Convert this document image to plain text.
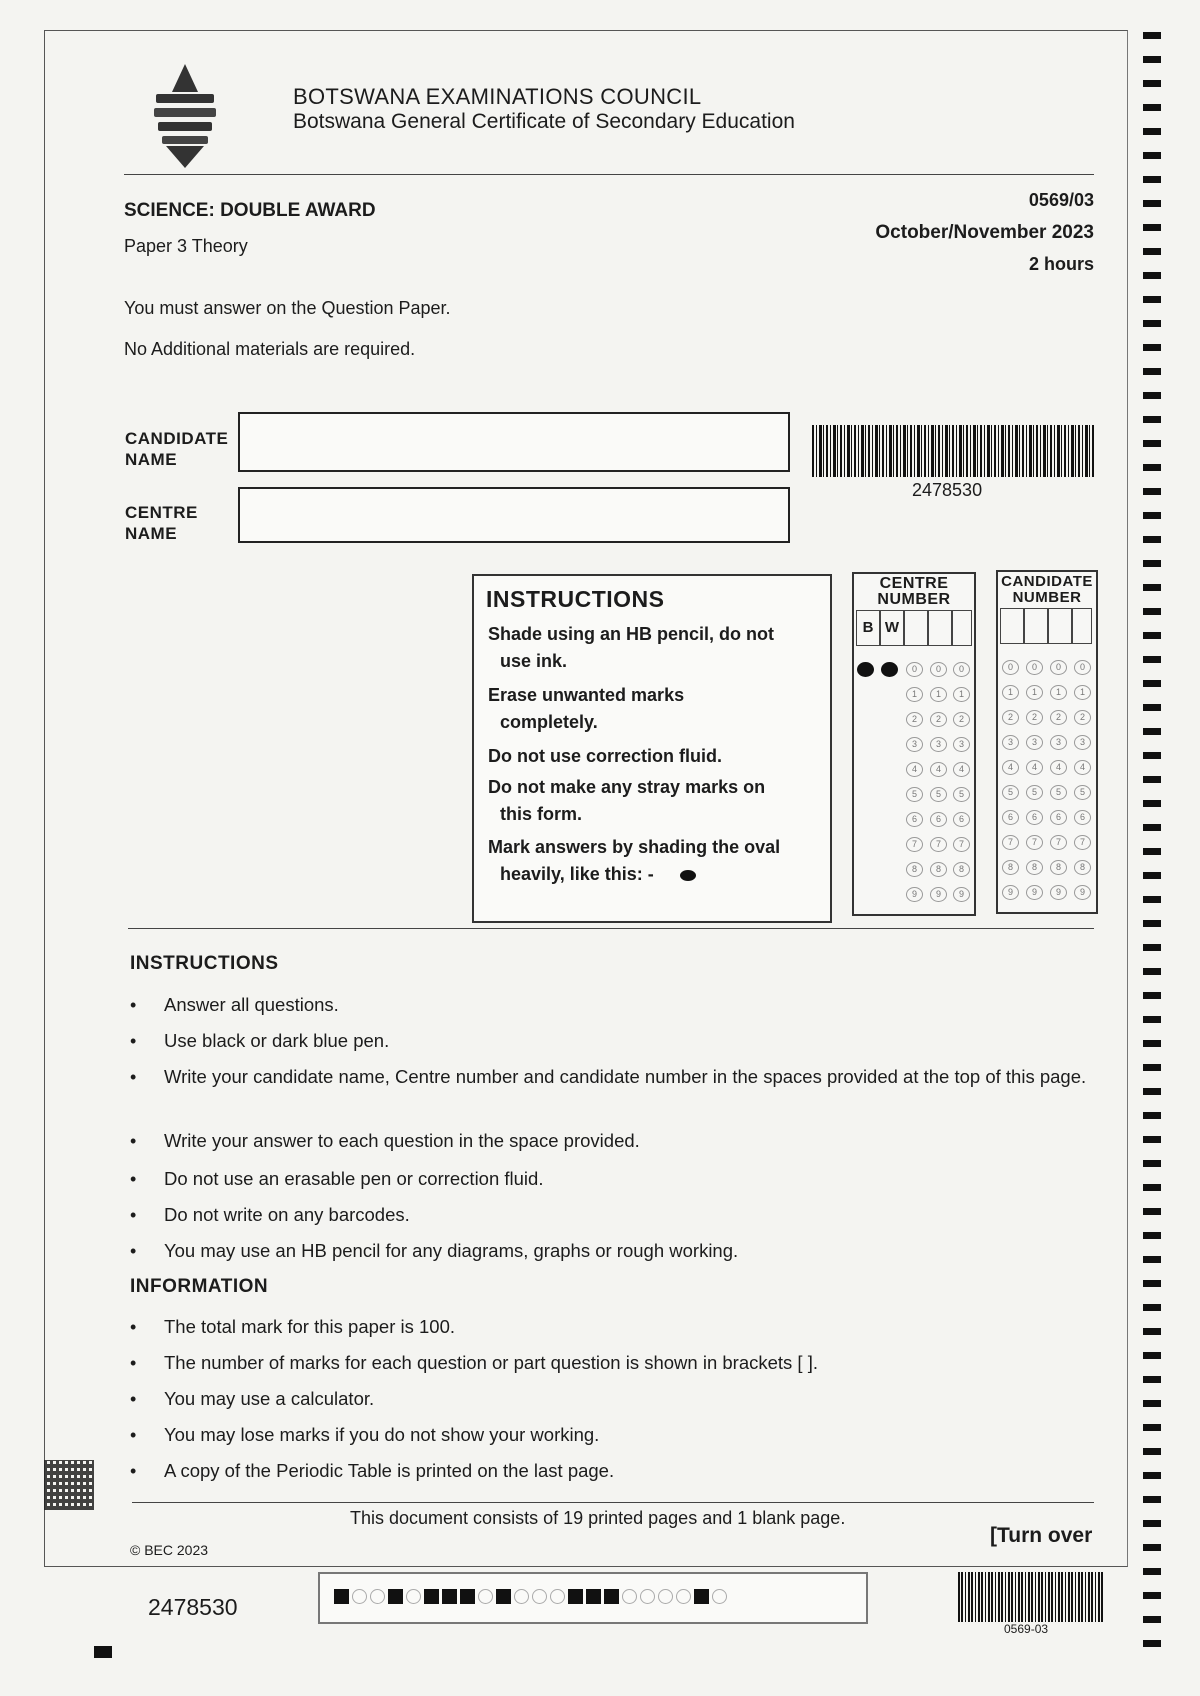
BOTSWANA EXAMINATIONS COUNCIL
Botswana General Certificate of Secondary Education
SCIENCE: DOUBLE AWARD
Paper 3 Theory
0569/03
October/November 2023
2 hours
You must answer on the Question Paper.
No Additional materials are required.
CANDIDATE
NAME
CENTRE
NAME
2478530
INSTRUCTIONS
Shade using an HB pencil, do not
use ink.
Erase unwanted marks
completely.
Do not use correction fluid.
Do not make any stray marks on
this form.
Mark answers by shading the oval
heavily, like this: -
CENTRE
NUMBER
B W
0	0	0
1	1	1
2	2	2
3	3	3
4	4	4
5	5	5
6	6	6
7	7	7
8	8	8
9	9	9
CANDIDATE
NUMBER
0	0	0	0
1	1	1	1
2	2	2	2
3	3	3	3
4	4	4	4
5	5	5	5
6	6	6	6
7	7	7	7
8	8	8	8
9	9	9	9
INSTRUCTIONS
• Answer all questions.
• Use black or dark blue pen.
• Write your candidate name, Centre number and candidate number in the spaces provided at the top of this page.
• Write your answer to each question in the space provided.
• Do not use an erasable pen or correction fluid.
• Do not write on any barcodes.
• You may use an HB pencil for any diagrams, graphs or rough working.
INFORMATION
• The total mark for this paper is 100.
• The number of marks for each question or part question is shown in brackets [ ].
• You may use a calculator.
• You may lose marks if you do not show your working.
• A copy of the Periodic Table is printed on the last page.
This document consists of 19 printed pages and 1 blank page.
© BEC 2023
[Turn over
2478530
0569-03
